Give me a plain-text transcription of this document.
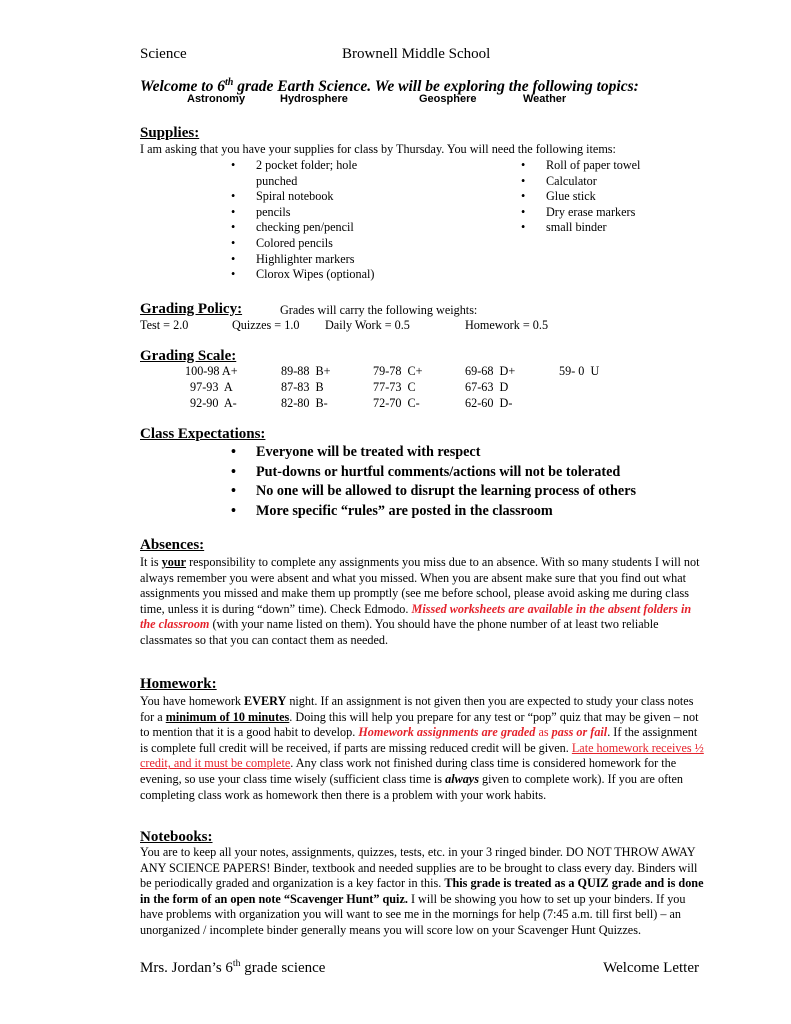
Science	Brownell Middle School
Welcome to 6th grade Earth Science. We will be exploring the following topics:
Astronomy	Hydrosphere	Geosphere	Weather
Supplies:
I am asking that you have your supplies for class by Thursday. You will need the following items:
• 2 pocket folder; hole punched
• Spiral notebook
• pencils
• checking pen/pencil
• Colored pencils
• Highlighter markers
• Clorox Wipes (optional)
• Roll of paper towel
• Calculator
• Glue stick
• Dry erase markers
• small binder
Grading Policy:	Grades will carry the following weights:
Test = 2.0	Quizzes = 1.0 Daily Work = 0.5	Homework = 0.5
Grading Scale:
100-98 A+	89-88  B+	79-78  C+	69-68  D+	59- 0  U
97-93  A	87-83  B	77-73  C	67-63  D
92-90  A-	82-80  B-	72-70  C-	62-60  D-
Class Expectations:
• Everyone will be treated with respect
• Put-downs or hurtful comments/actions will not be tolerated
• No one will be allowed to disrupt the learning process of others
• More specific “rules” are posted in the classroom
Absences:
It is your responsibility to complete any assignments you miss due to an absence. With so many students I will not always remember you were absent and what you missed. When you are absent make sure that you find out what assignments you missed and make them up promptly (see me before school, please avoid asking me during class time, unless it is during “down” time). Check Edmodo. Missed worksheets are available in the absent folders in the classroom (with your name listed on them). You should have the phone number of at least two reliable classmates so that you can contact them as needed.
Homework:
You have homework EVERY night. If an assignment is not given then you are expected to study your class notes for a minimum of 10 minutes. Doing this will help you prepare for any test or “pop” quiz that may be given – not to mention that it is a good habit to develop. Homework assignments are graded as pass or fail. If the assignment is complete full credit will be received, if parts are missing reduced credit will be given. Late homework receives ½ credit, and it must be complete. Any class work not finished during class time is considered homework for the evening, so use your class time wisely (sufficient class time is always given to complete work). If you are often completing class work as homework then there is a problem with your work habits.
Notebooks:
You are to keep all your notes, assignments, quizzes, tests, etc. in your 3 ringed binder. DO NOT THROW AWAY ANY SCIENCE PAPERS! Binder, textbook and needed supplies are to be brought to class every day. Binders will be periodically graded and organization is a key factor in this. This grade is treated as a QUIZ grade and is done in the form of an open note “Scavenger Hunt” quiz. I will be showing you how to set up your binders. If you have problems with organization you will want to see me in the mornings for help (7:45 a.m. till first bell) – an unorganized / incomplete binder generally means you will score low on your Scavenger Hunt Quizzes.
Mrs. Jordan’s 6th grade science	Welcome Letter
